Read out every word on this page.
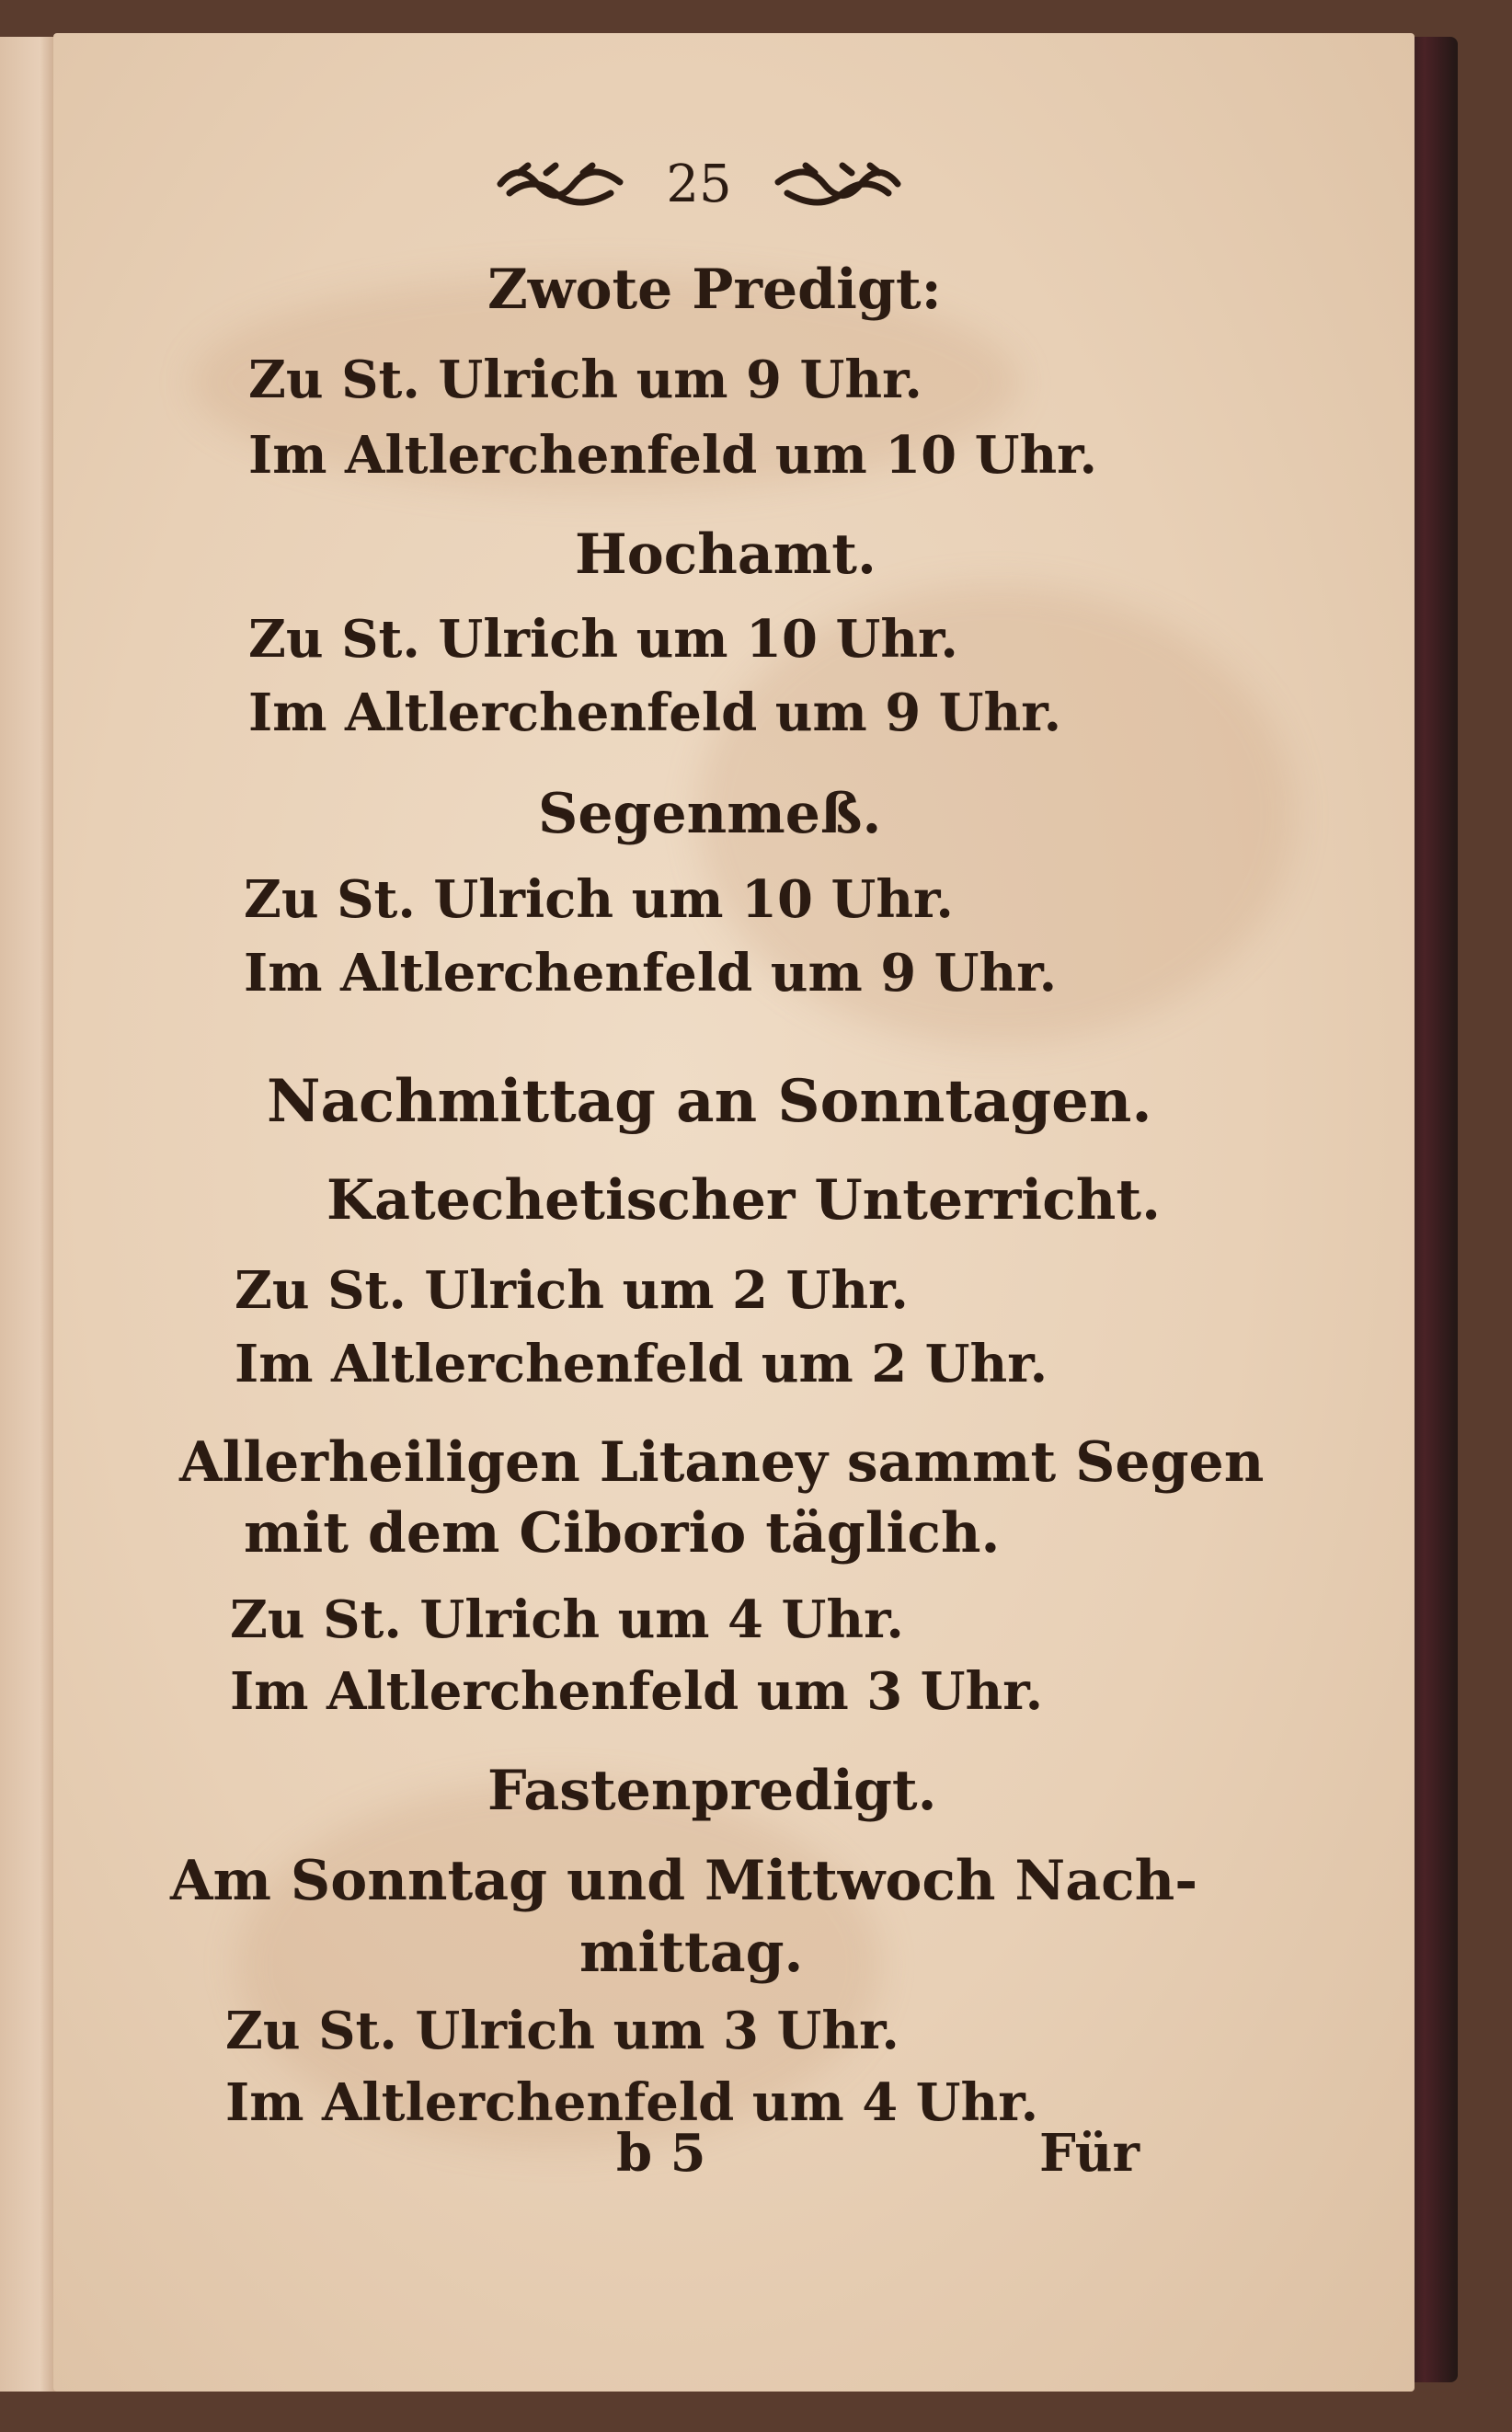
25
Zwote Predigt:
Zu St. Ulrich um 9 Uhr.
Im Altlerchenfeld um 10 Uhr.
Hochamt.
Zu St. Ulrich um 10 Uhr.
Im Altlerchenfeld um 9 Uhr.
Segenmeß.
Zu St. Ulrich um 10 Uhr.
Im Altlerchenfeld um 9 Uhr.
Nachmittag an Sonntagen.
Katechetischer Unterricht.
Zu St. Ulrich um 2 Uhr.
Im Altlerchenfeld um 2 Uhr.
Allerheiligen Litaney sammt Segen
mit dem Ciborio täglich.
Zu St. Ulrich um 4 Uhr.
Im Altlerchenfeld um 3 Uhr.
Fastenpredigt.
Am Sonntag und Mittwoch Nach-
mittag.
Zu St. Ulrich um 3 Uhr.
Im Altlerchenfeld um 4 Uhr.
b 5	Für
